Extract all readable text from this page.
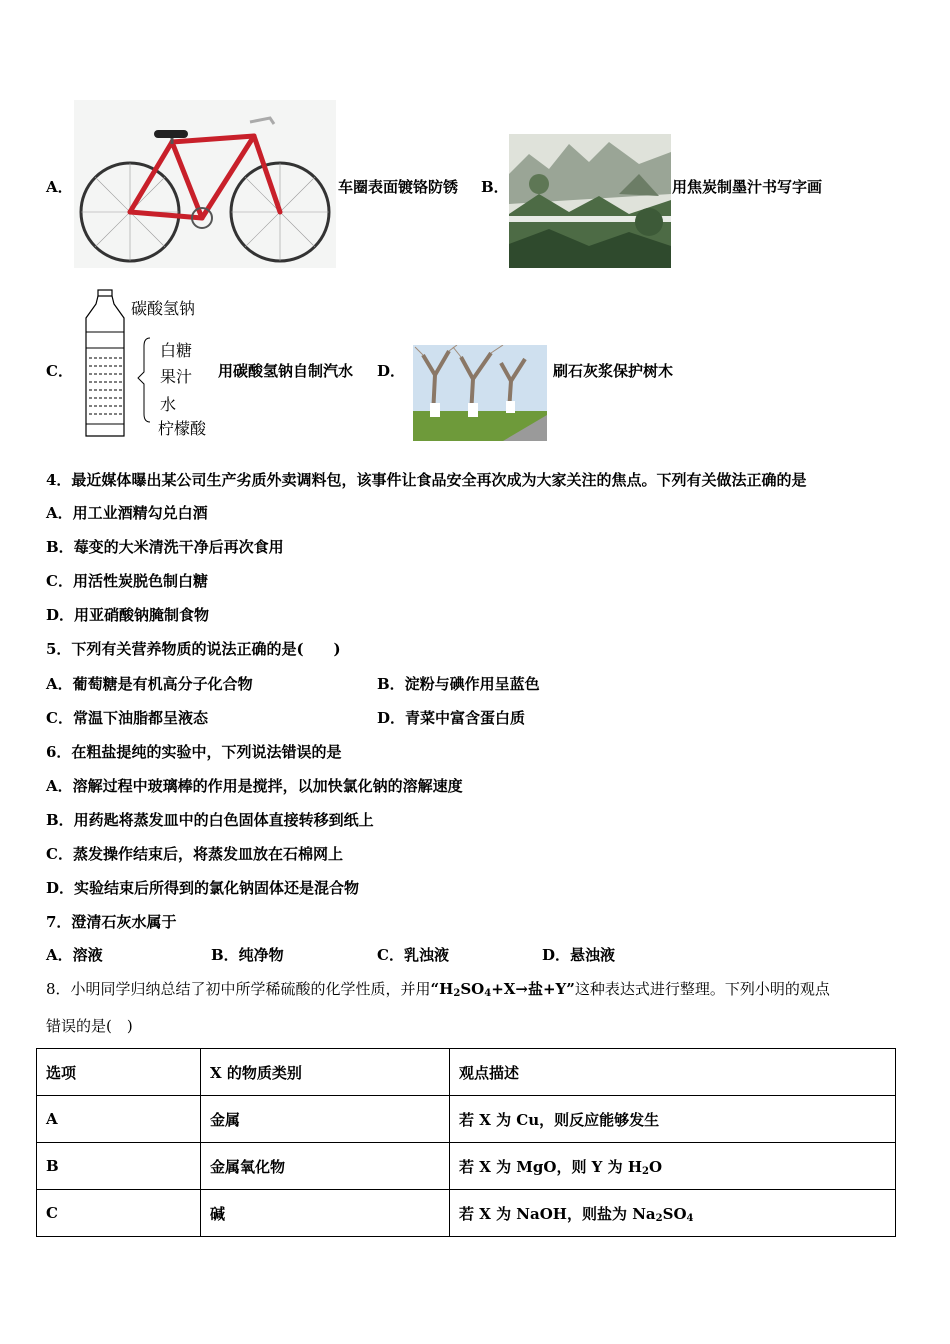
A．	车圈表面镀铬防锈 B．	用焦炭制墨汁书写字画
C．
碳酸氢钠
白糖
果汁
水
柠檬酸
用碳酸氢钠自制汽水 D．	刷石灰浆保护树木
4．最近媒体曝出某公司生产劣质外卖调料包，该事件让食品安全再次成为大家关注的焦点。下列有关做法正确的是
A．用工业酒精勾兑白酒
B．莓变的大米清洗干净后再次食用
C．用活性炭脱色制白糖
D．用亚硝酸钠腌制食物
5．下列有关营养物质的说法正确的是(　　)
A．葡萄糖是有机高分子化合物	B．淀粉与碘作用呈蓝色
C．常温下油脂都呈液态	D．青菜中富含蛋白质
6．在粗盐提纯的实验中，下列说法错误的是
A．溶解过程中玻璃棒的作用是搅拌，以加快氯化钠的溶解速度
B．用药匙将蒸发皿中的白色固体直接转移到纸上
C．蒸发操作结束后，将蒸发皿放在石棉网上
D．实验结束后所得到的氯化钠固体还是混合物
7．澄清石灰水属于
A．溶液	B．纯净物	C．乳浊液	D．悬浊液
8．小明同学归纳总结了初中所学稀硫酸的化学性质，并用“$H_2SO_4+X\to$盐+Y”这种表达式进行整理。下列小明的观点
错误的是(　)
选项	X 的物质类别	观点描述
A	金属	若 X 为 Cu，则反应能够发生
B	金属氧化物	若 X 为 MgO，则 Y 为 $H_2O$
C	碱	若 X 为 NaOH，则盐为 $Na_2SO_4$
